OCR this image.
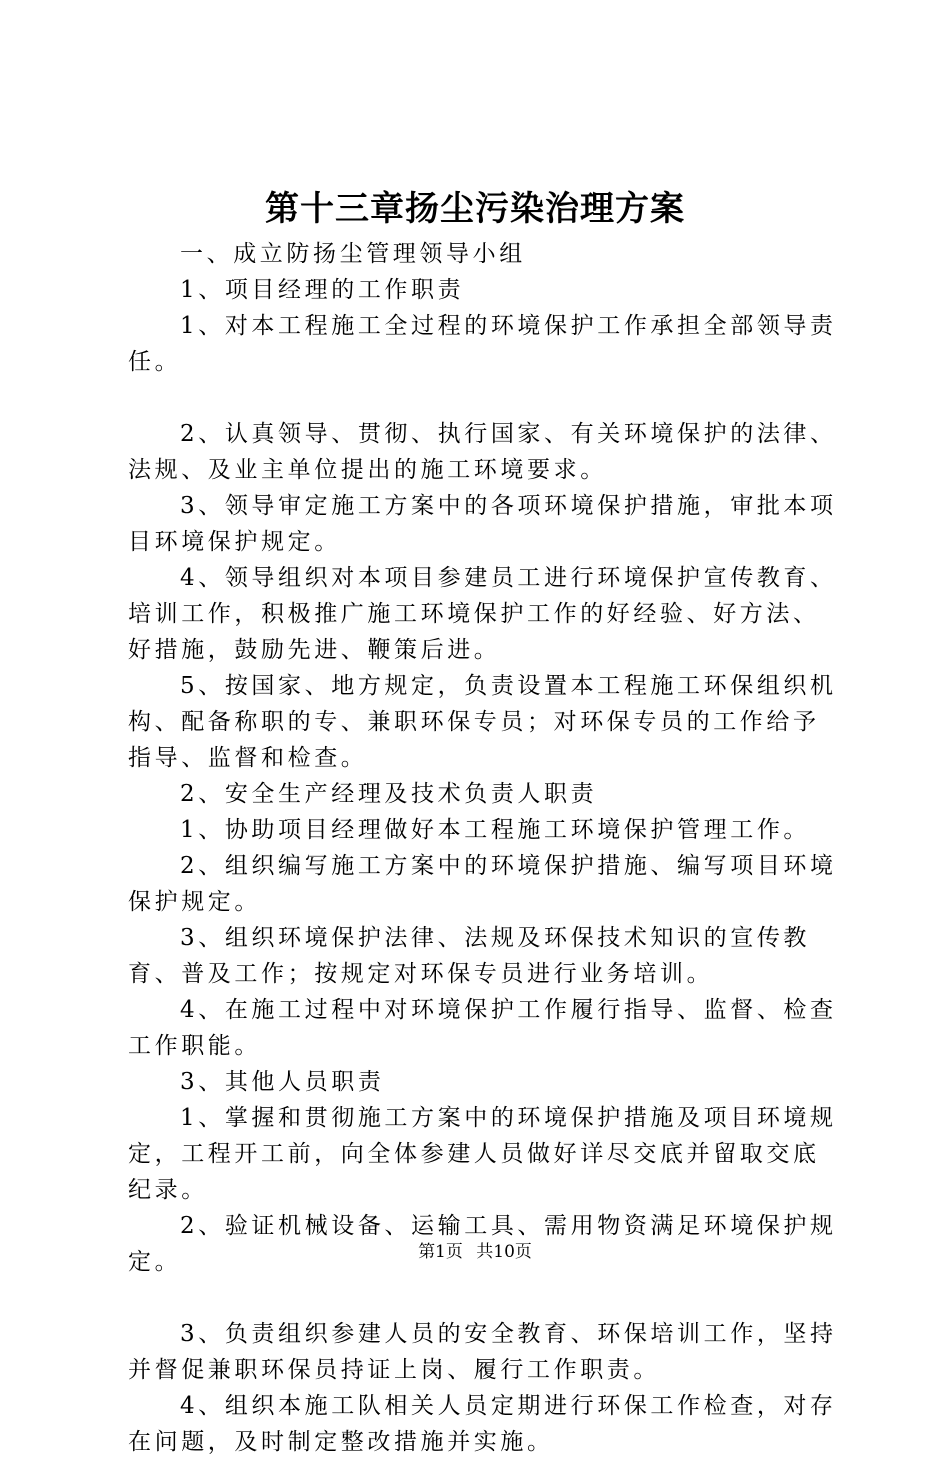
第十三章扬尘污染治理方案

一、成立防扬尘管理领导小组

1、项目经理的工作职责

1、对本工程施工全过程的环境保护工作承担全部领导责任。

2、认真领导、贯彻、执行国家、有关环境保护的法律、法规、及业主单位提出的施工环境要求。

3、领导审定施工方案中的各项环境保护措施，审批本项目环境保护规定。

4、领导组织对本项目参建员工进行环境保护宣传教育、培训工作，积极推广施工环境保护工作的好经验、好方法、好措施，鼓励先进、鞭策后进。

5、按国家、地方规定，负责设置本工程施工环保组织机构、配备称职的专、兼职环保专员；对环保专员的工作给予指导、监督和检查。

2、安全生产经理及技术负责人职责

1、协助项目经理做好本工程施工环境保护管理工作。

2、组织编写施工方案中的环境保护措施、编写项目环境保护规定。

3、组织环境保护法律、法规及环保技术知识的宣传教育、普及工作；按规定对环保专员进行业务培训。

4、在施工过程中对环境保护工作履行指导、监督、检查工作职能。

3、其他人员职责

1、掌握和贯彻施工方案中的环境保护措施及项目环境规定，工程开工前，向全体参建人员做好详尽交底并留取交底纪录。

2、验证机械设备、运输工具、需用物资满足环境保护规定。

3、负责组织参建人员的安全教育、环保培训工作，坚持并督促兼职环保员持证上岗、履行工作职责。

4、组织本施工队相关人员定期进行环保工作检查，对存在问题，及时制定整改措施并实施。

第1页 共10页
